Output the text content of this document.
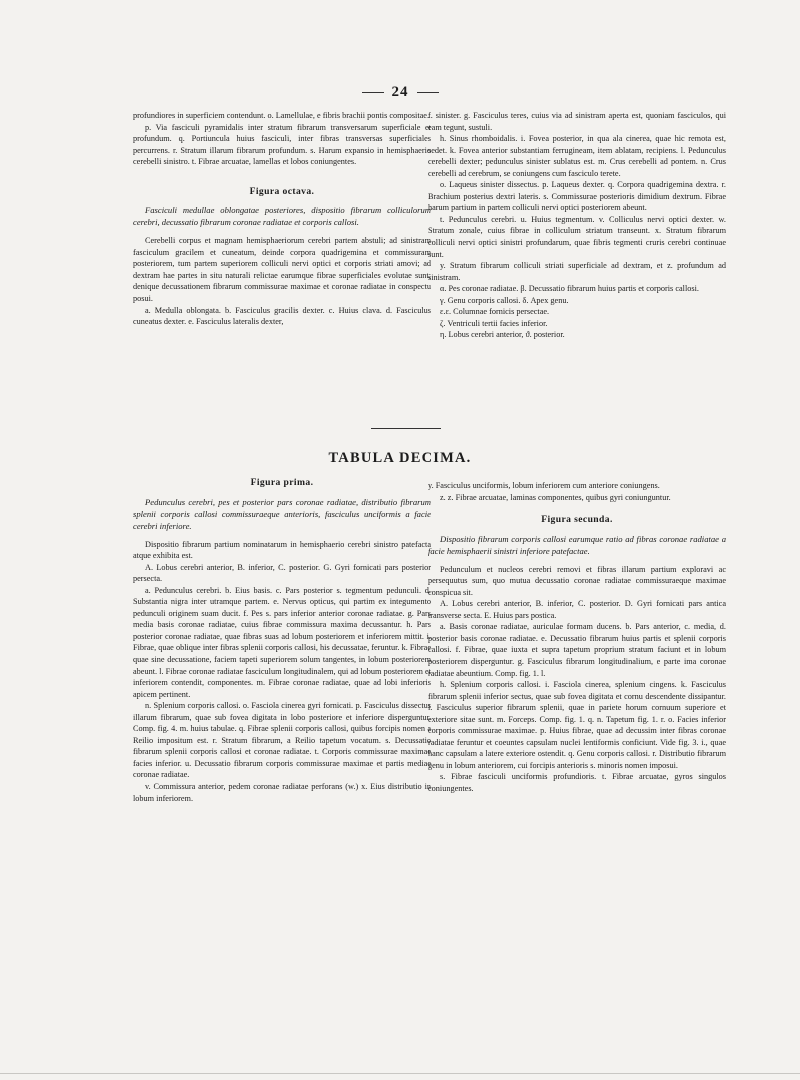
24

profundiores in superficiem contendunt. o. Lamellulae, e fibris brachii pontis compositae.

p. Via fasciculi pyramidalis inter stratum fibrarum transversarum superficiale et profundum. q. Portiuncula huius fasciculi, inter fibras transversas superficiales percurrens. r. Stratum illarum fibrarum profundum. s. Harum expansio in hemisphaerio cerebelli sinistro. t. Fibrae arcuatae, lamellas et lobos coniungentes.

Figura octava.

Fasciculi medullae oblongatae posteriores, dispositio fibrarum colliculorum cerebri, decussatio fibrarum coronae radiatae et corporis callosi.

Cerebelli corpus et magnam hemisphaeriorum cerebri partem abstuli; ad sinistram fasciculum gracilem et cuneatum, deinde corpora quadrigemina et commissuram posteriorem, tum partem superiorem colliculi nervi optici et corporis striati amovi; ad dextram hae partes in situ naturali relictae earumque fibrae superficiales evolutae sunt; denique decussationem fibrarum commissurae maximae et coronae radiatae in conspectu posui.

a. Medulla oblongata. b. Fasciculus gracilis dexter. c. Huius clava. d. Fasciculus cuneatus dexter. e. Fasciculus lateralis dexter,

f. sinister. g. Fasciculus teres, cuius via ad sinistram aperta est, quoniam fasciculos, qui eam tegunt, sustuli.

h. Sinus rhomboidalis. i. Fovea posterior, in qua ala cinerea, quae hic remota est, sedet. k. Fovea anterior substantiam ferrugineam, item ablatam, recipiens. l. Pedunculus cerebelli dexter; pedunculus sinister sublatus est. m. Crus cerebelli ad pontem. n. Crus cerebelli ad cerebrum, se coniungens cum fasciculo terete.

o. Laqueus sinister dissectus. p. Laqueus dexter. q. Corpora quadrigemina dextra. r. Brachium posterius dextri lateris. s. Commissurae posterioris dimidium dextrum. Fibrae harum partium in partem colliculi nervi optici posteriorem abeunt.

t. Pedunculus cerebri. u. Huius tegmentum. v. Colliculus nervi optici dexter. w. Stratum zonale, cuius fibrae in colliculum striatum transeunt. x. Stratum fibrarum colliculi nervi optici sinistri profundarum, quae fibris tegmenti cruris cerebri continuae sunt.

y. Stratum fibrarum colliculi striati superficiale ad dextram, et z. profundum ad sinistram.

α. Pes coronae radiatae. β. Decussatio fibrarum huius partis et corporis callosi.

γ. Genu corporis callosi. δ. Apex genu.

ε.ε. Columnae fornicis persectae.

ζ. Ventriculi tertii facies inferior.

η. Lobus cerebri anterior, ϑ. posterior.

TABULA DECIMA.

Figura prima.

Pedunculus cerebri, pes et posterior pars coronae radiatae, distributio fibrarum splenii corporis callosi commissuraeque anterioris, fasciculus unciformis a facie cerebri inferiore.

Dispositio fibrarum partium nominatarum in hemisphaerio cerebri sinistro patefacta atque exhibita est.

A. Lobus cerebri anterior, B. inferior, C. posterior. G. Gyri fornicati pars posterior persecta.

a. Pedunculus cerebri. b. Eius basis. c. Pars posterior s. tegmentum pedunculi. d. Substantia nigra inter utramque partem. e. Nervus opticus, qui partim ex integumento pedunculi originem suam ducit. f. Pes s. pars inferior anterior coronae radiatae. g. Pars media basis coronae radiatae, cuius fibrae commissura maxima decussantur. h. Pars posterior coronae radiatae, quae fibras suas ad lobum posteriorem et inferiorem mittit. i. Fibrae, quae oblique inter fibras splenii corporis callosi, his decussatae, feruntur. k. Fibrae quae sine decussatione, faciem tapeti superiorem solum tangentes, in lobum posteriorem abeunt. l. Fibrae coronae radiatae fasciculum longitudinalem, qui ad lobum posteriorem et inferiorem contendit, componentes. m. Fibrae coronae radiatae, quae ad lobi inferioris apicem pertinent.

n. Splenium corporis callosi. o. Fasciola cinerea gyri fornicati. p. Fasciculus dissectus illarum fibrarum, quae sub fovea digitata in lobo posteriore et inferiore disperguntur. Comp. fig. 4. m. huius tabulae. q. Fibrae splenii corporis callosi, quibus forcipis nomen a Reilio impositum est. r. Stratum fibrarum, a Reilio tapetum vocatum. s. Decussatio fibrarum splenii corporis callosi et coronae radiatae. t. Corporis commissurae maximae facies inferior. u. Decussatio fibrarum corporis commissurae maximae et partis mediae coronae radiatae.

v. Commissura anterior, pedem coronae radiatae perforans (w.) x. Eius distributio in lobum inferiorem.

y. Fasciculus unciformis, lobum inferiorem cum anteriore coniungens.

z. z. Fibrae arcuatae, laminas componentes, quibus gyri coniunguntur.

Figura secunda.

Dispositio fibrarum corporis callosi earumque ratio ad fibras coronae radiatae a facie hemisphaerii sinistri inferiore patefactae.

Pedunculum et nucleos cerebri removi et fibras illarum partium exploravi ac persequutus sum, quo mutua decussatio coronae radiatae commissuraeque maximae conspicua sit.

A. Lobus cerebri anterior, B. inferior, C. posterior. D. Gyri fornicati pars antica transverse secta. E. Huius pars postica.

a. Basis coronae radiatae, auriculae formam ducens. b. Pars anterior, c. media, d. posterior basis coronae radiatae. e. Decussatio fibrarum huius partis et splenii corporis callosi. f. Fibrae, quae iuxta et supra tapetum proprium stratum faciunt et in lobum posteriorem disperguntur. g. Fasciculus fibrarum longitudinalium, e parte ima coronae radiatae abeuntium. Comp. fig. 1. l.

h. Splenium corporis callosi. i. Fasciola cinerea, splenium cingens. k. Fasciculus fibrarum splenii inferior sectus, quae sub fovea digitata et cornu descendente dissipantur. l. Fasciculus superior fibrarum splenii, quae in pariete horum cornuum superiore et exteriore sitae sunt. m. Forceps. Comp. fig. 1. q. n. Tapetum fig. 1. r. o. Facies inferior corporis commissurae maximae. p. Huius fibrae, quae ad decussim inter fibras coronae radiatae feruntur et coeuntes capsulam nuclei lentiformis conficiunt. Vide fig. 3. i., quae hanc capsulam a latere exteriore ostendit. q. Genu corporis callosi. r. Distributio fibrarum genu in lobum anteriorem, cui forcipis anterioris s. minoris nomen imposui.

s. Fibrae fasciculi unciformis profundioris. t. Fibrae arcuatae, gyros singulos coniungentes.
